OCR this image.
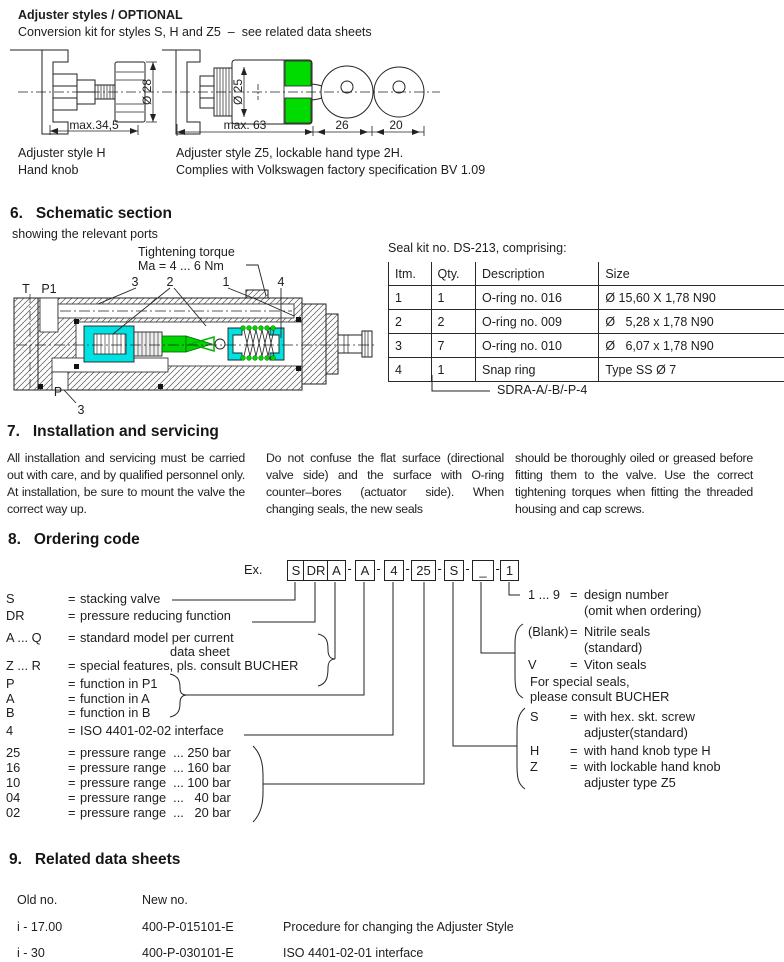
Adjuster styles / OPTIONAL
Conversion kit for styles S, H and Z5  –  see related data sheets
Ø 28
max.34,5
Ø 25
max. 63	26	20
Adjuster style H
Hand knob
Adjuster style Z5, lockable hand type 2H.
Complies with Volkswagen factory specification BV 1.09
6.   Schematic section
showing the relevant ports
Tightening torque
Ma = 4 ... 6 Nm
3 2	1	4
T P1
P
3
Seal kit no. DS-213, comprising:
Itm.	Qty.	Description	Size
1	1	O-ring no. 016	Ø 15,60 X 1,78 N90
2	2	O-ring no. 009	Ø   5,28 x 1,78 N90
3	7	O-ring no. 010	Ø   6,07 x 1,78 N90
4	1	Snap ring	Type SS Ø 7
SDRA-A/-B/-P-4
7.   Installation and servicing
All installation and servicing must be carried out with care, and by qualified personnel only. At installation, be sure to mount the valve the correct way up.
Do not confuse the flat surface (directional valve side) and the surface with O-ring counter–bores (actuator side). When changing seals, the new seals
should be thoroughly oiled or greased before fitting them to the valve. Use the correct tightening torques when fitting the threaded housing and cap screws.
8.   Ordering code
Ex.	S DR A - A - 4 - 25 - S - _ - 1
S	= stacking valve
DR	= pressure reducing function
A ... Q = standard model per current
data sheet
Z ... R = special features, pls. consult BUCHER
P	= function in P1
A	= function in A
B	= function in B
4	= ISO 4401-02-02 interface
25	= pressure range  ... 250 bar
16	= pressure range  ... 160 bar
10	= pressure range  ... 100 bar
04	= pressure range  ...   40 bar
02	= pressure range  ...   20 bar
1 ... 9 = design number
(omit when ordering)
(Blank) = Nitrile seals
(standard)
V	= Viton seals
For special seals,
please consult BUCHER
S = with hex. skt. screw
adjuster(standard)
H = with hand knob type H
Z	= with lockable hand knob
adjuster type Z5
9.   Related data sheets
Old no.	New no.
i - 17.00	400-P-015101-E	Procedure for changing the Adjuster Style
i - 30	400-P-030101-E	ISO 4401-02-01 interface
